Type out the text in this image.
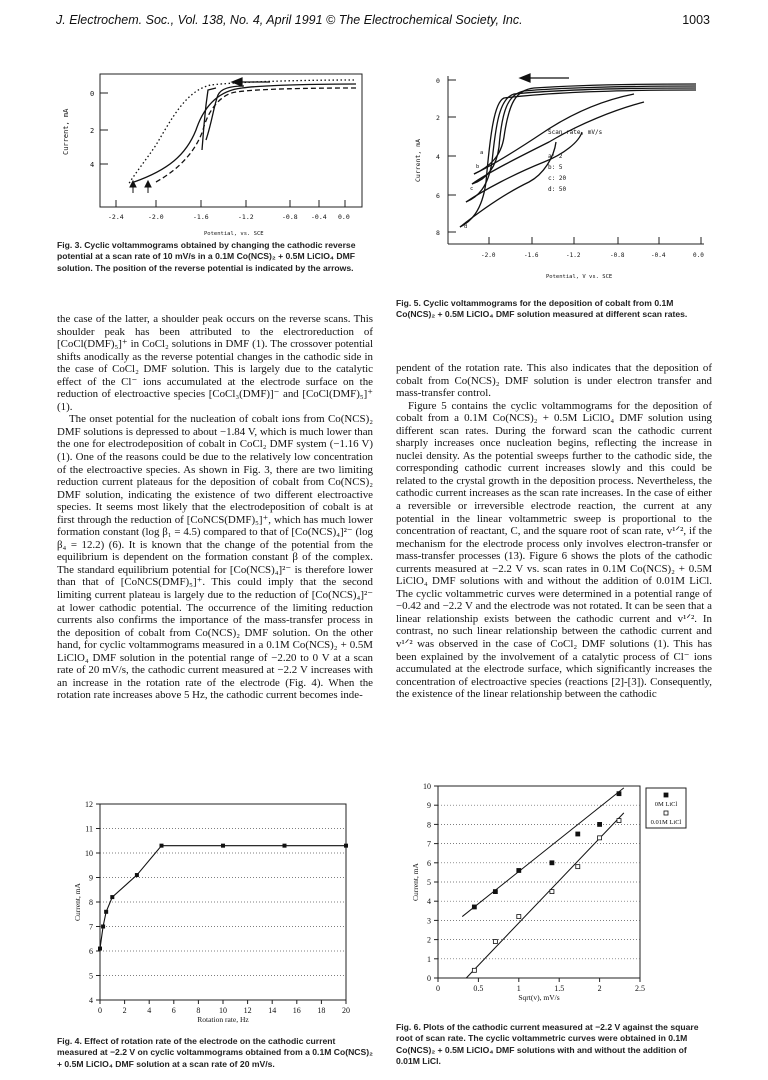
J. Electrochem. Soc., Vol. 138, No. 4, April 1991 © The Electrochemical Society, Inc.	1003
Current, mA
0
2
4
-2.4	-2.0	-1.6	-1.2	-0.8 -0.4 0.0
Potential, vs. SCE
Fig. 3. Cyclic voltammograms obtained by changing the cathodic reverse potential at a scan rate of 10 mV/s in a 0.1M Co(NCS)₂ + 0.5M LiClO₄ DMF solution. The position of the reverse potential is indicated by the arrows.
a
b
c
d
Scan rate, mV/s
a: 2
b: 5
c: 20
d: 50
Current, mA
0
2
4
6
8
-2.0	-1.6	-1.2	-0.8	-0.4	0.0
Potential, V vs. SCE
Fig. 5. Cyclic voltammograms for the deposition of cobalt from 0.1M Co(NCS)₂ + 0.5M LiClO₄ DMF solution measured at different scan rates.

the case of the latter, a shoulder peak occurs on the reverse scans. This shoulder peak has been attributed to the electroreduction of [CoCl(DMF)₅]⁺ in CoCl₂ solutions in DMF (1). The crossover potential shifts anodically as the reverse potential changes in the cathodic side in the case of CoCl₂ DMF solution. This is largely due to the catalytic effect of the Cl⁻ ions accumulated at the electrode surface on the reduction of electroactive species [CoCl₃(DMF)]⁻ and [CoCl(DMF)₅]⁺ (1).

The onset potential for the nucleation of cobalt ions from Co(NCS)₂ DMF solutions is depressed to about −1.84 V, which is much lower than the one for electrodeposition of cobalt in CoCl₂ DMF system (−1.16 V) (1). One of the reasons could be due to the relatively low concentration of the electroactive species. As shown in Fig. 3, there are two limiting reduction current plateaus for the deposition of cobalt from Co(NCS)₂ DMF solution, indicating the existence of two different electroactive species. It seems most likely that the electrodeposition of cobalt is at first through the reduction of [CoNCS(DMF)₅]⁺, which has much lower formation constant (log β₁ = 4.5) compared to that of [Co(NCS)₄]²⁻ (log β₄ = 12.2) (6). It is known that the change of the potential from the equilibrium is dependent on the formation constant β of the complex. The standard equilibrium potential for [Co(NCS)₄]²⁻ is therefore lower than that of [CoNCS(DMF)₅]⁺. This could imply that the second limiting current plateau is largely due to the reduction of [Co(NCS)₄]²⁻ at lower cathodic potential. The occurrence of the limiting reduction currents also confirms the importance of the mass-transfer process in the deposition of cobalt from Co(NCS)₂ DMF solution. On the other hand, for cyclic voltammograms measured in a 0.1M Co(NCS)₂ + 0.5M LiClO₄ DMF solution in the potential range of −2.20 to 0 V at a scan rate of 20 mV/s, the cathodic current measured at −2.2 V increases with an increase in the rotation rate of the electrode (Fig. 4). When the rotation rate increases above 5 Hz, the cathodic current becomes inde-

pendent of the rotation rate. This also indicates that the deposition of cobalt from Co(NCS)₂ DMF solution is under electron transfer and mass-transfer control.

Figure 5 contains the cyclic voltammograms for the deposition of cobalt from a 0.1M Co(NCS)₂ + 0.5M LiClO₄ DMF solution using different scan rates. During the forward scan the cathodic current sharply increases once nucleation begins, reflecting the increase in nuclei density. As the potential sweeps further to the cathodic side, the corresponding cathodic current increases slowly and this could be related to the crystal growth in the deposition process. Nevertheless, the cathodic current increases as the scan rate increases. In the case of either a reversible or irreversible electrode reaction, the current at any potential in the linear voltammetric sweep is proportional to the concentration of reactant, C, and the square root of scan rate, v¹ᐟ², if the mechanism for the electrode process only involves electron-transfer or mass-transfer processes (13). Figure 6 shows the plots of the cathodic currents measured at −2.2 V vs. scan rates in 0.1M Co(NCS)₂ + 0.5M LiClO₄ DMF solutions with and without the addition of 0.01M LiCl. The cyclic voltammetric curves were determined in a potential range of −0.42 and −2.2 V and the electrode was not rotated. It can be seen that a linear relationship exists between the cathodic current and v¹ᐟ². In contrast, no such linear relationship between the cathodic current and v¹ᐟ² was observed in the case of CoCl₂ DMF solutions (1). This has been explained by the involvement of a catalytic process of Cl⁻ ions accumulated at the electrode surface, which significantly increases the concentration of electroactive species (reactions [2]-[3]). Consequently, the existence of the linear relationship between the cathodic

4
5
6
7
8
9
10
11
12
0	2	4	6	8 10 12 14 16 18 20
Rotation rate, Hz
Current, mA
Fig. 4. Effect of rotation rate of the electrode on the cathodic current measured at −2.2 V on cyclic voltammograms obtained from a 0.1M Co(NCS)₂ + 0.5M LiClO₄ DMF solution at a scan rate of 20 mV/s.
0
1
2
3
4
5
6
7
8
9
10
0	0.5	1	1.5	2	2.5
Sqrt(v), mV/s
Current, mA
0M LiCl
0.01M LiCl
Fig. 6. Plots of the cathodic current measured at −2.2 V against the square root of scan rate. The cyclic voltammetric curves were obtained in 0.1M Co(NCS)₂ + 0.5M LiClO₄ DMF solutions with and without the addition of 0.01M LiCl.
